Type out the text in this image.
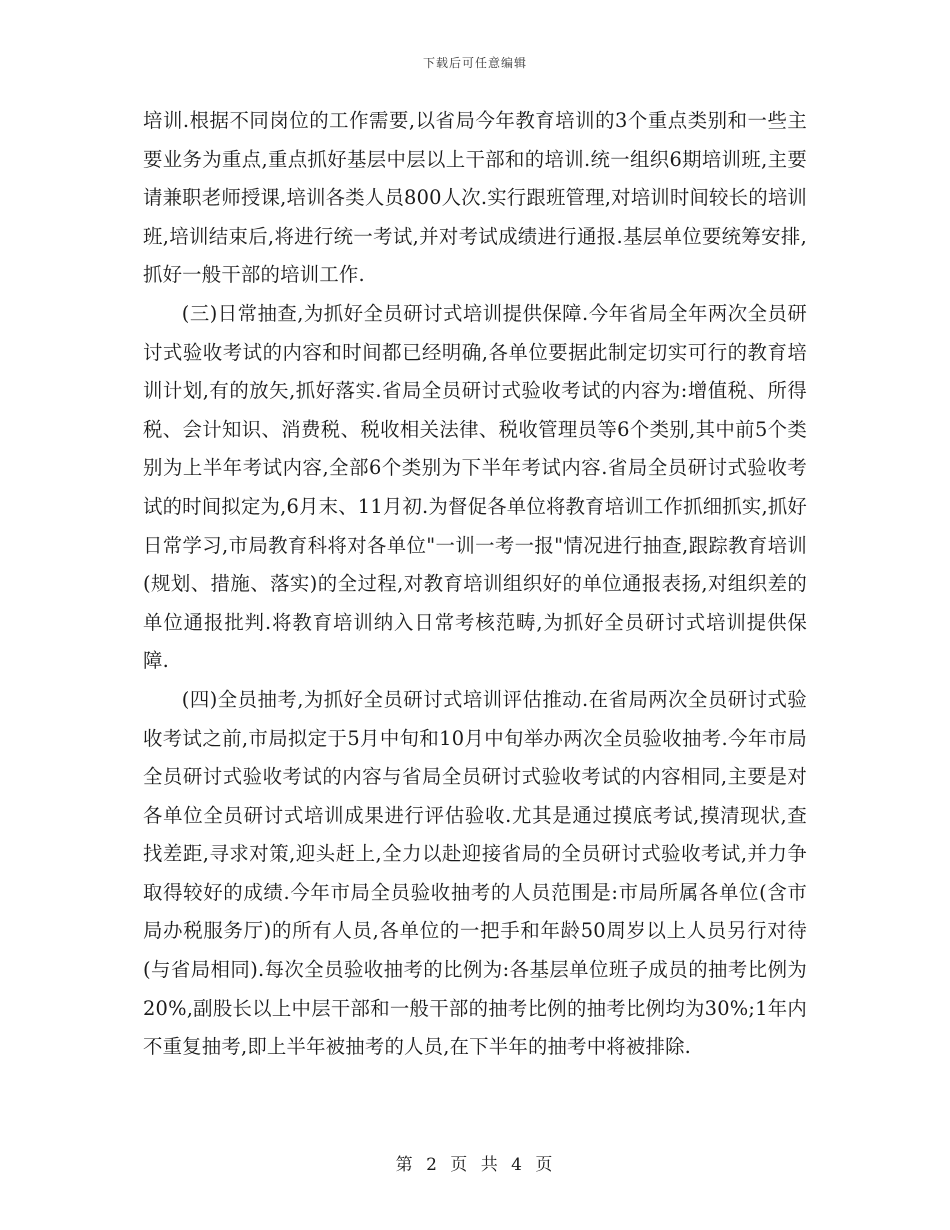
下载后可任意编辑

培训.根据不同岗位的工作需要,以省局今年教育培训的3个重点类别和一些主要业务为重点,重点抓好基层中层以上干部和的培训.统一组织6期培训班,主要请兼职老师授课,培训各类人员800人次.实行跟班管理,对培训时间较长的培训班,培训结束后,将进行统一考试,并对考试成绩进行通报.基层单位要统筹安排,抓好一般干部的培训工作.

(三)日常抽查,为抓好全员研讨式培训提供保障.今年省局全年两次全员研讨式验收考试的内容和时间都已经明确,各单位要据此制定切实可行的教育培训计划,有的放矢,抓好落实.省局全员研讨式验收考试的内容为:增值税、所得税、会计知识、消费税、税收相关法律、税收管理员等6个类别,其中前5个类别为上半年考试内容,全部6个类别为下半年考试内容.省局全员研讨式验收考试的时间拟定为,6月末、11月初.为督促各单位将教育培训工作抓细抓实,抓好日常学习,市局教育科将对各单位"一训一考一报"情况进行抽查,跟踪教育培训(规划、措施、落实)的全过程,对教育培训组织好的单位通报表扬,对组织差的单位通报批判.将教育培训纳入日常考核范畴,为抓好全员研讨式培训提供保障.

(四)全员抽考,为抓好全员研讨式培训评估推动.在省局两次全员研讨式验收考试之前,市局拟定于5月中旬和10月中旬举办两次全员验收抽考.今年市局全员研讨式验收考试的内容与省局全员研讨式验收考试的内容相同,主要是对各单位全员研讨式培训成果进行评估验收.尤其是通过摸底考试,摸清现状,查找差距,寻求对策,迎头赶上,全力以赴迎接省局的全员研讨式验收考试,并力争取得较好的成绩.今年市局全员验收抽考的人员范围是:市局所属各单位(含市局办税服务厅)的所有人员,各单位的一把手和年龄50周岁以上人员另行对待(与省局相同).每次全员验收抽考的比例为:各基层单位班子成员的抽考比例为20%,副股长以上中层干部和一般干部的抽考比例的抽考比例均为30%;1年内不重复抽考,即上半年被抽考的人员,在下半年的抽考中将被排除.

第 2 页 共 4 页
